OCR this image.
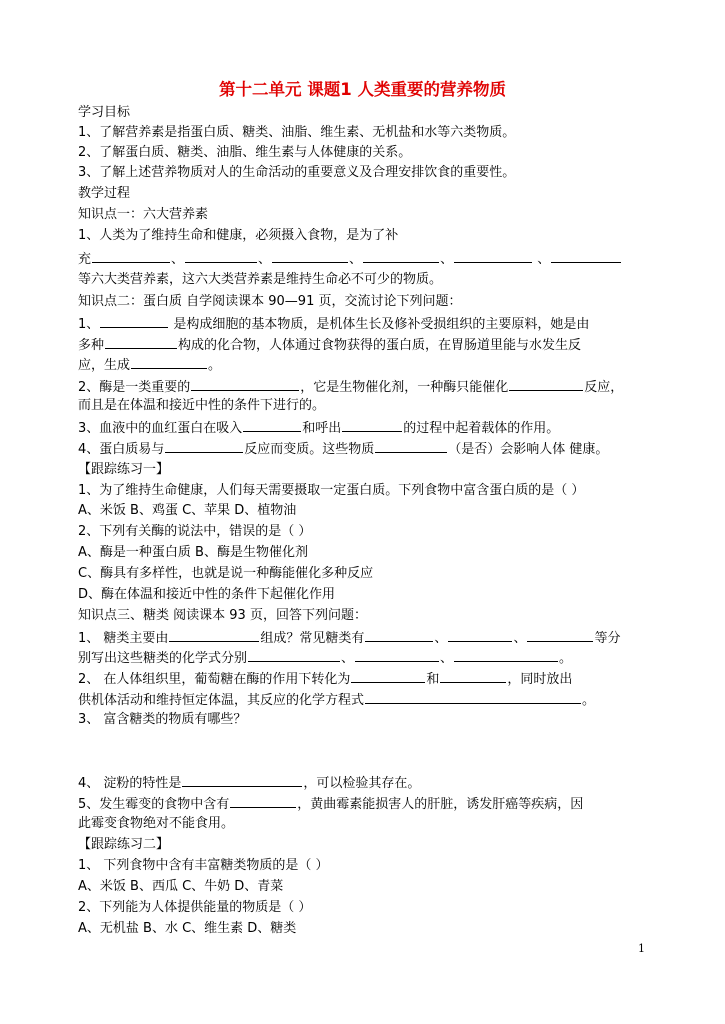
第十二单元 课题1 人类重要的营养物质
学习目标
1、了解营养素是指蛋白质、糖类、油脂、维生素、无机盐和水等六类物质。
2、了解蛋白质、糖类、油脂、维生素与人体健康的关系。
3、了解上述营养物质对人的生命活动的重要意义及合理安排饮食的重要性。
教学过程
知识点一：六大营养素
1、人类为了维持生命和健康，必须摄入食物，是为了补
充	、	、	、	、	、
等六大类营养素，这六大类营养素是维持生命必不可少的物质。
知识点二：蛋白质 自学阅读课本 90—91 页，交流讨论下列问题：
1、	是构成细胞的基本物质，是机体生长及修补受损组织的主要原料，她是由
多种	构成的化合物，人体通过食物获得的蛋白质，在胃肠道里能与水发生反
应，生成	。
2、酶是一类重要的	，它是生物催化剂，一种酶只能催化	反应，
而且是在体温和接近中性的条件下进行的。
3、血液中的血红蛋白在吸入	和呼出	的过程中起着载体的作用。
4、蛋白质易与	反应而变质。这些物质	（是否）会影响人体 健康。
【跟踪练习一】
1、为了维持生命健康，人们每天需要摄取一定蛋白质。下列食物中富含蛋白质的是（ ）
A、米饭 B、鸡蛋 C、苹果 D、植物油
2、下列有关酶的说法中，错误的是（ ）
A、酶是一种蛋白质 B、酶是生物催化剂
C、酶具有多样性，也就是说一种酶能催化多种反应
D、酶在体温和接近中性的条件下起催化作用
知识点三、糖类 阅读课本 93 页，回答下列问题：
1、 糖类主要由	组成？常见糖类有	、	、	等分
别写出这些糖类的化学式分别	、	、	。
2、 在人体组织里，葡萄糖在酶的作用下转化为	和	，同时放出
供机体活动和维持恒定体温，其反应的化学方程式	。
3、 富含糖类的物质有哪些？
4、 淀粉的特性是	，可以检验其存在。
5、发生霉变的食物中含有	，黄曲霉素能损害人的肝脏，诱发肝癌等疾病，因
此霉变食物绝对不能食用。
【跟踪练习二】
1、 下列食物中含有丰富糖类物质的是（ ）
A、米饭 B、西瓜 C、牛奶 D、青菜
2、下列能为人体提供能量的物质是（ ）
A、无机盐 B、水 C、维生素 D、糖类
1
